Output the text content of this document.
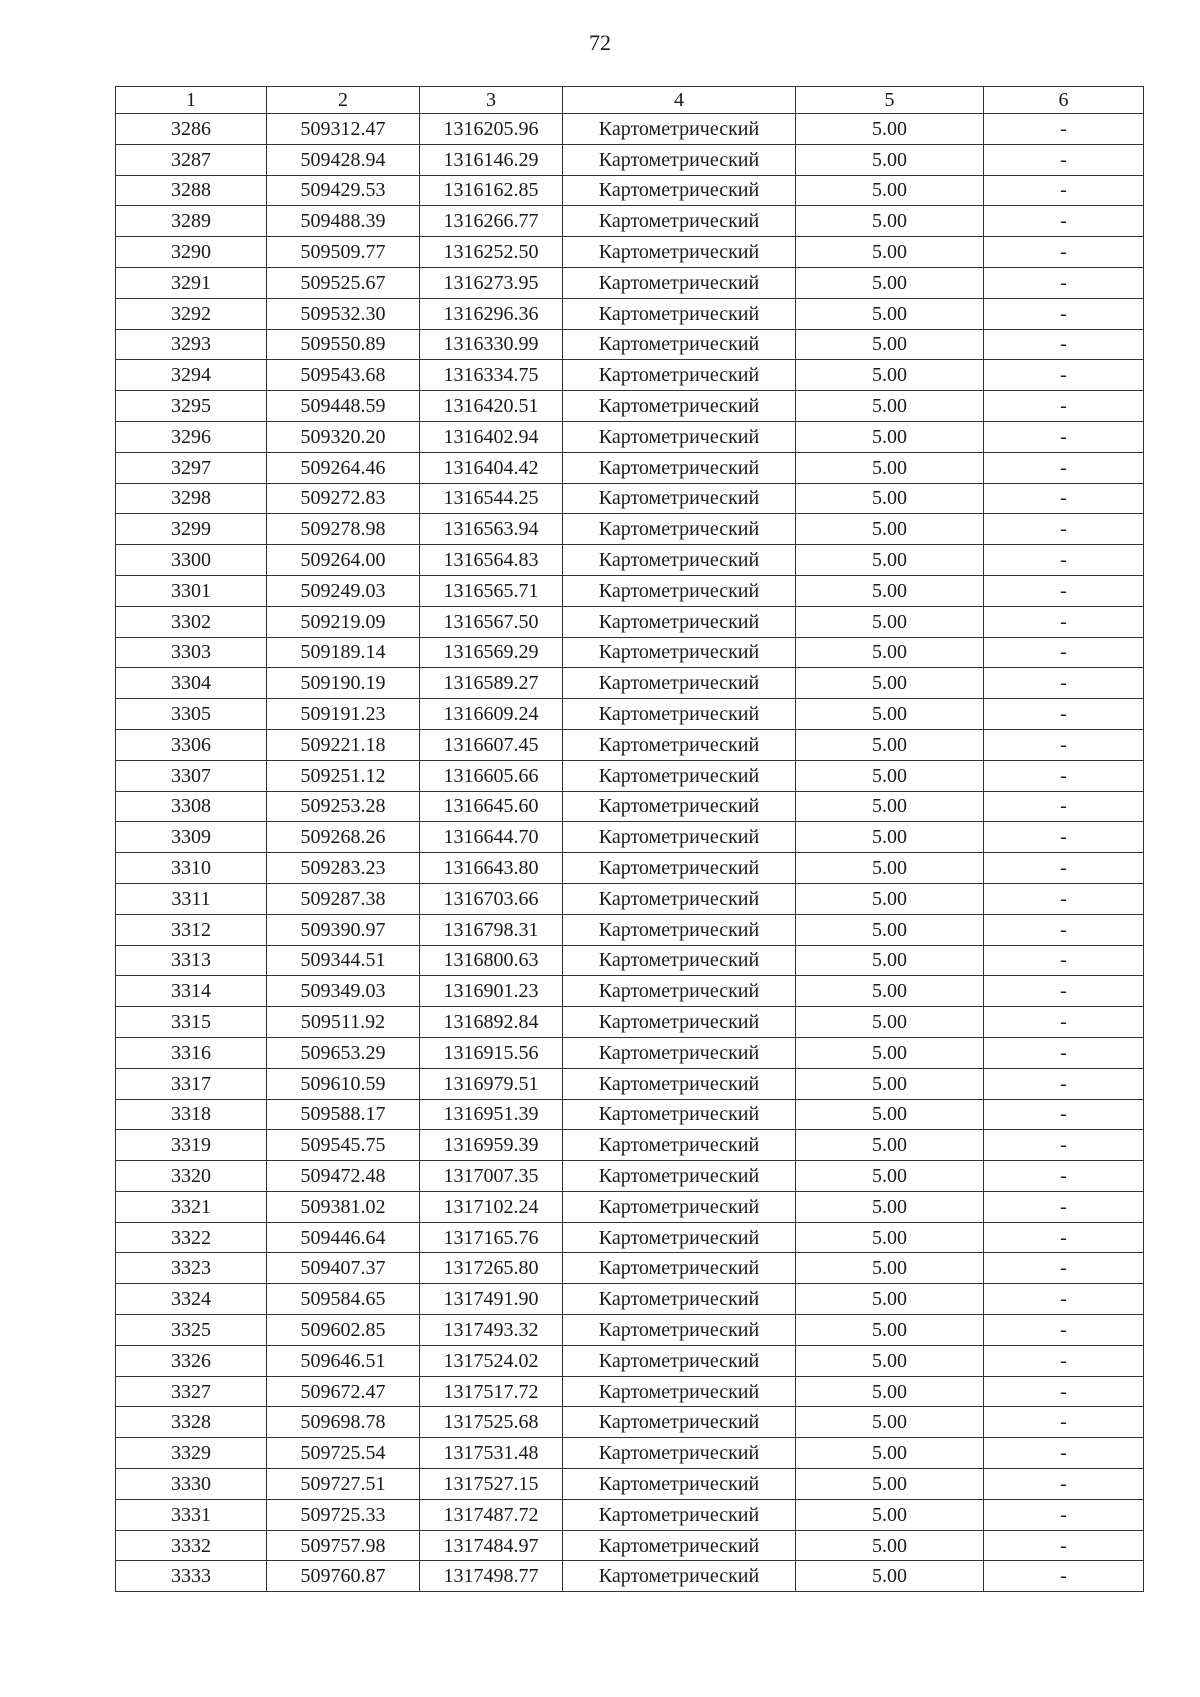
72
1	2	3	4	5	6
3286	509312.47	1316205.96	Картометрический	5.00	-
3287	509428.94	1316146.29	Картометрический	5.00	-
3288	509429.53	1316162.85	Картометрический	5.00	-
3289	509488.39	1316266.77	Картометрический	5.00	-
3290	509509.77	1316252.50	Картометрический	5.00	-
3291	509525.67	1316273.95	Картометрический	5.00	-
3292	509532.30	1316296.36	Картометрический	5.00	-
3293	509550.89	1316330.99	Картометрический	5.00	-
3294	509543.68	1316334.75	Картометрический	5.00	-
3295	509448.59	1316420.51	Картометрический	5.00	-
3296	509320.20	1316402.94	Картометрический	5.00	-
3297	509264.46	1316404.42	Картометрический	5.00	-
3298	509272.83	1316544.25	Картометрический	5.00	-
3299	509278.98	1316563.94	Картометрический	5.00	-
3300	509264.00	1316564.83	Картометрический	5.00	-
3301	509249.03	1316565.71	Картометрический	5.00	-
3302	509219.09	1316567.50	Картометрический	5.00	-
3303	509189.14	1316569.29	Картометрический	5.00	-
3304	509190.19	1316589.27	Картометрический	5.00	-
3305	509191.23	1316609.24	Картометрический	5.00	-
3306	509221.18	1316607.45	Картометрический	5.00	-
3307	509251.12	1316605.66	Картометрический	5.00	-
3308	509253.28	1316645.60	Картометрический	5.00	-
3309	509268.26	1316644.70	Картометрический	5.00	-
3310	509283.23	1316643.80	Картометрический	5.00	-
3311	509287.38	1316703.66	Картометрический	5.00	-
3312	509390.97	1316798.31	Картометрический	5.00	-
3313	509344.51	1316800.63	Картометрический	5.00	-
3314	509349.03	1316901.23	Картометрический	5.00	-
3315	509511.92	1316892.84	Картометрический	5.00	-
3316	509653.29	1316915.56	Картометрический	5.00	-
3317	509610.59	1316979.51	Картометрический	5.00	-
3318	509588.17	1316951.39	Картометрический	5.00	-
3319	509545.75	1316959.39	Картометрический	5.00	-
3320	509472.48	1317007.35	Картометрический	5.00	-
3321	509381.02	1317102.24	Картометрический	5.00	-
3322	509446.64	1317165.76	Картометрический	5.00	-
3323	509407.37	1317265.80	Картометрический	5.00	-
3324	509584.65	1317491.90	Картометрический	5.00	-
3325	509602.85	1317493.32	Картометрический	5.00	-
3326	509646.51	1317524.02	Картометрический	5.00	-
3327	509672.47	1317517.72	Картометрический	5.00	-
3328	509698.78	1317525.68	Картометрический	5.00	-
3329	509725.54	1317531.48	Картометрический	5.00	-
3330	509727.51	1317527.15	Картометрический	5.00	-
3331	509725.33	1317487.72	Картометрический	5.00	-
3332	509757.98	1317484.97	Картометрический	5.00	-
3333	509760.87	1317498.77	Картометрический	5.00	-
